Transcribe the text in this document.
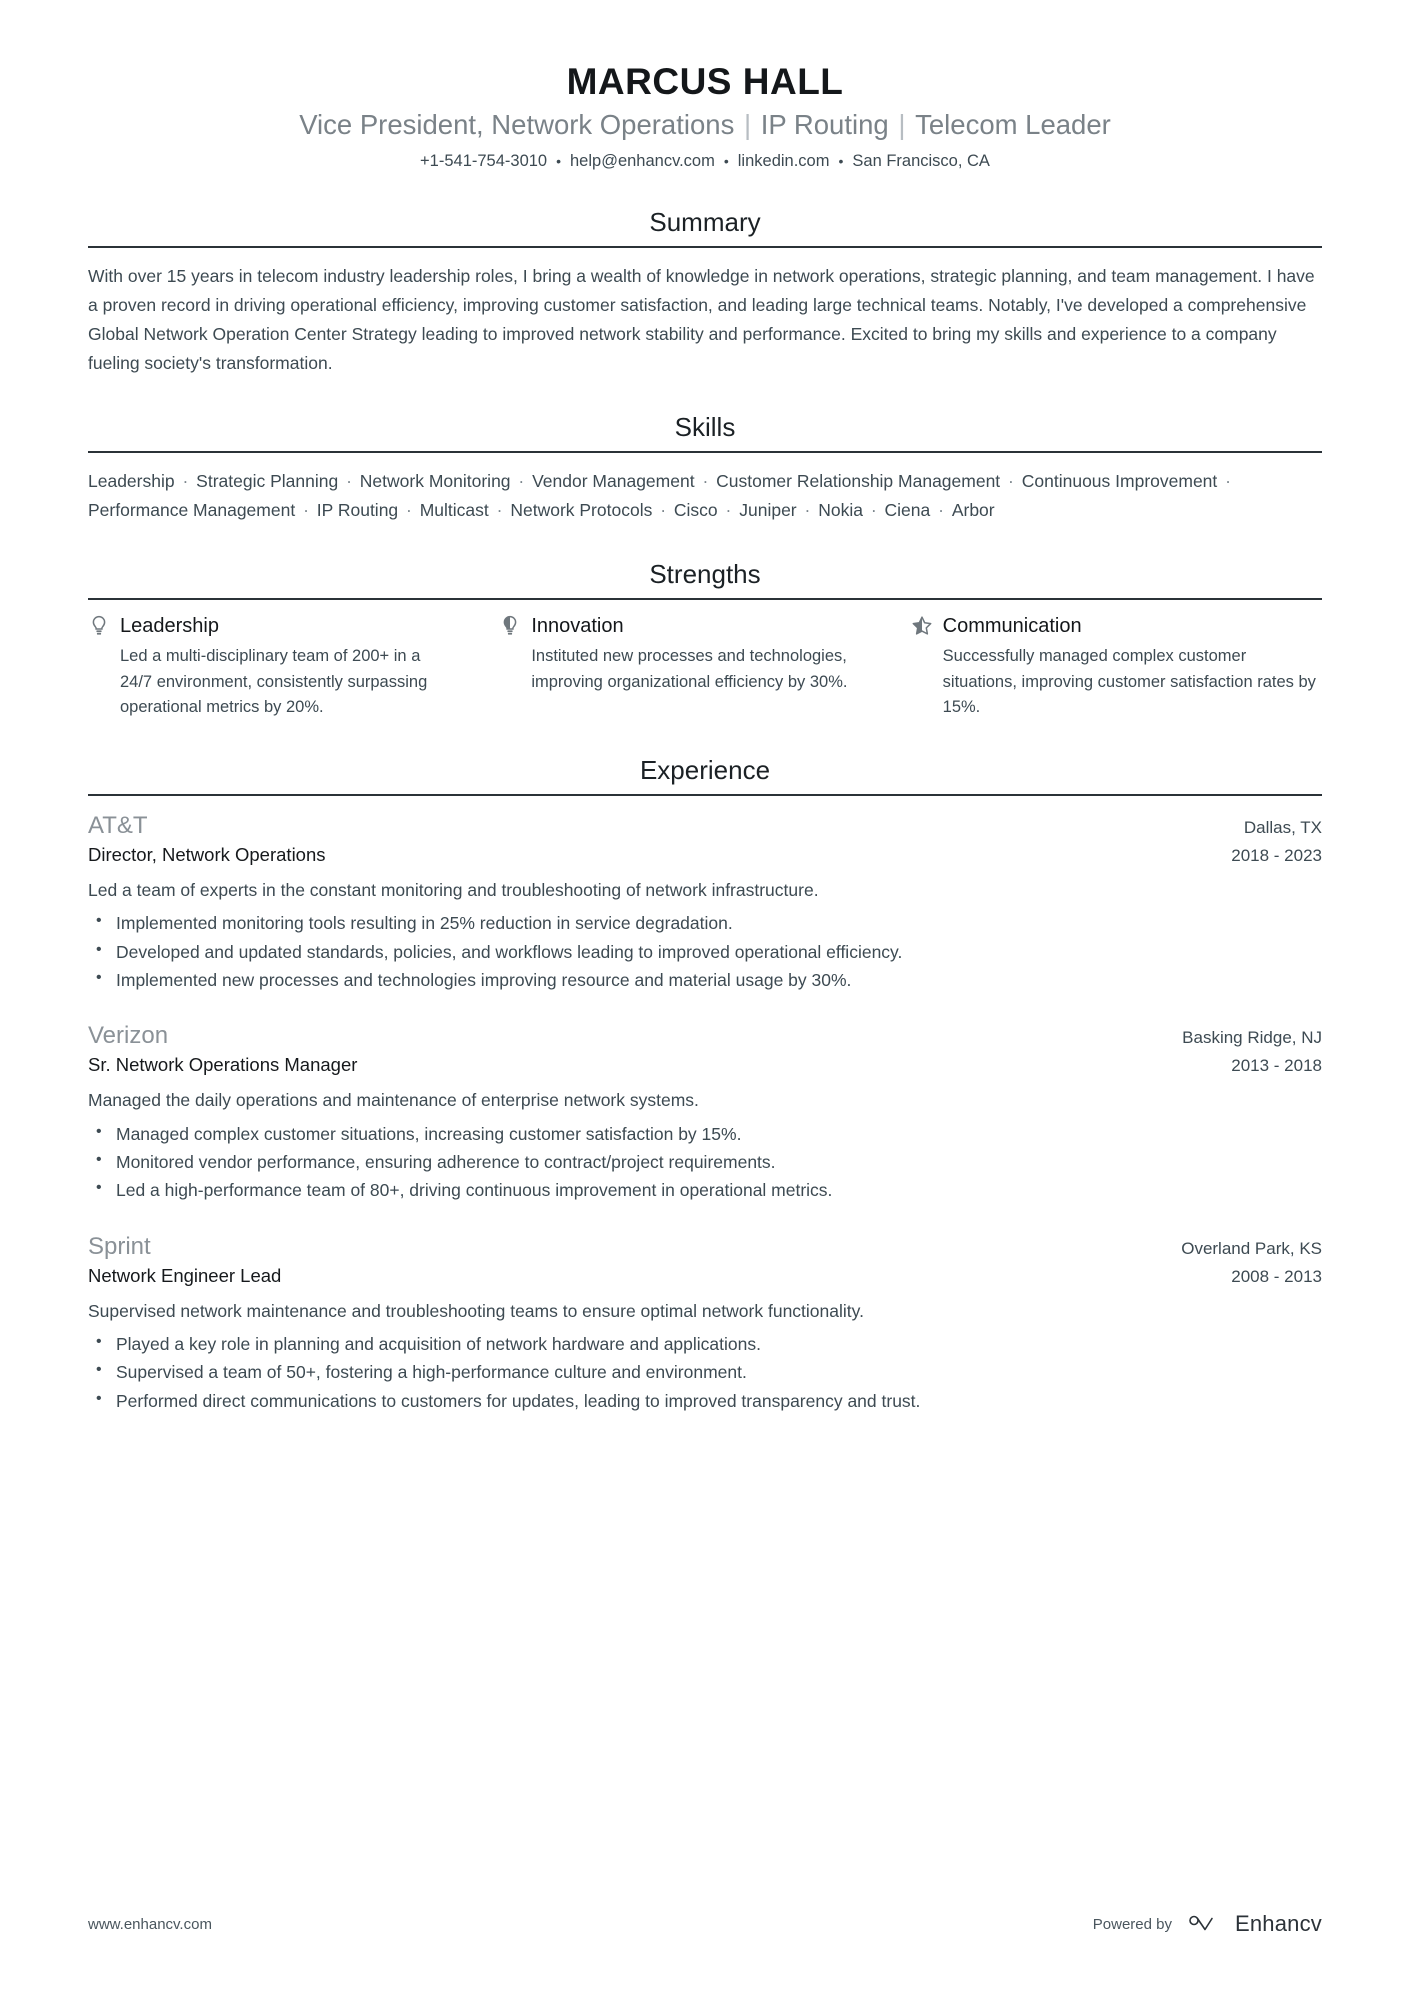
MARCUS HALL
Vice President, Network Operations | IP Routing | Telecom Leader
+1-541-754-3010 • help@enhancv.com • linkedin.com • San Francisco, CA
Summary
With over 15 years in telecom industry leadership roles, I bring a wealth of knowledge in network operations, strategic planning, and team management. I have a proven record in driving operational efficiency, improving customer satisfaction, and leading large technical teams. Notably, I've developed a comprehensive Global Network Operation Center Strategy leading to improved network stability and performance. Excited to bring my skills and experience to a company fueling society's transformation.
Skills
Leadership · Strategic Planning · Network Monitoring · Vendor Management · Customer Relationship Management · Continuous Improvement · Performance Management · IP Routing · Multicast · Network Protocols · Cisco · Juniper · Nokia · Ciena · Arbor
Strengths
Leadership
Led a multi-disciplinary team of 200+ in a 24/7 environment, consistently surpassing operational metrics by 20%.
Innovation
Instituted new processes and technologies, improving organizational efficiency by 30%.
Communication
Successfully managed complex customer situations, improving customer satisfaction rates by 15%.
Experience
AT&T	Dallas, TX
Director, Network Operations	2018 - 2023
Led a team of experts in the constant monitoring and troubleshooting of network infrastructure.
• Implemented monitoring tools resulting in 25% reduction in service degradation.
• Developed and updated standards, policies, and workflows leading to improved operational efficiency.
• Implemented new processes and technologies improving resource and material usage by 30%.
Verizon	Basking Ridge, NJ
Sr. Network Operations Manager	2013 - 2018
Managed the daily operations and maintenance of enterprise network systems.
• Managed complex customer situations, increasing customer satisfaction by 15%.
• Monitored vendor performance, ensuring adherence to contract/project requirements.
• Led a high-performance team of 80+, driving continuous improvement in operational metrics.
Sprint	Overland Park, KS
Network Engineer Lead	2008 - 2013
Supervised network maintenance and troubleshooting teams to ensure optimal network functionality.
• Played a key role in planning and acquisition of network hardware and applications.
• Supervised a team of 50+, fostering a high-performance culture and environment.
• Performed direct communications to customers for updates, leading to improved transparency and trust.
www.enhancv.com	Powered by	Enhancv
